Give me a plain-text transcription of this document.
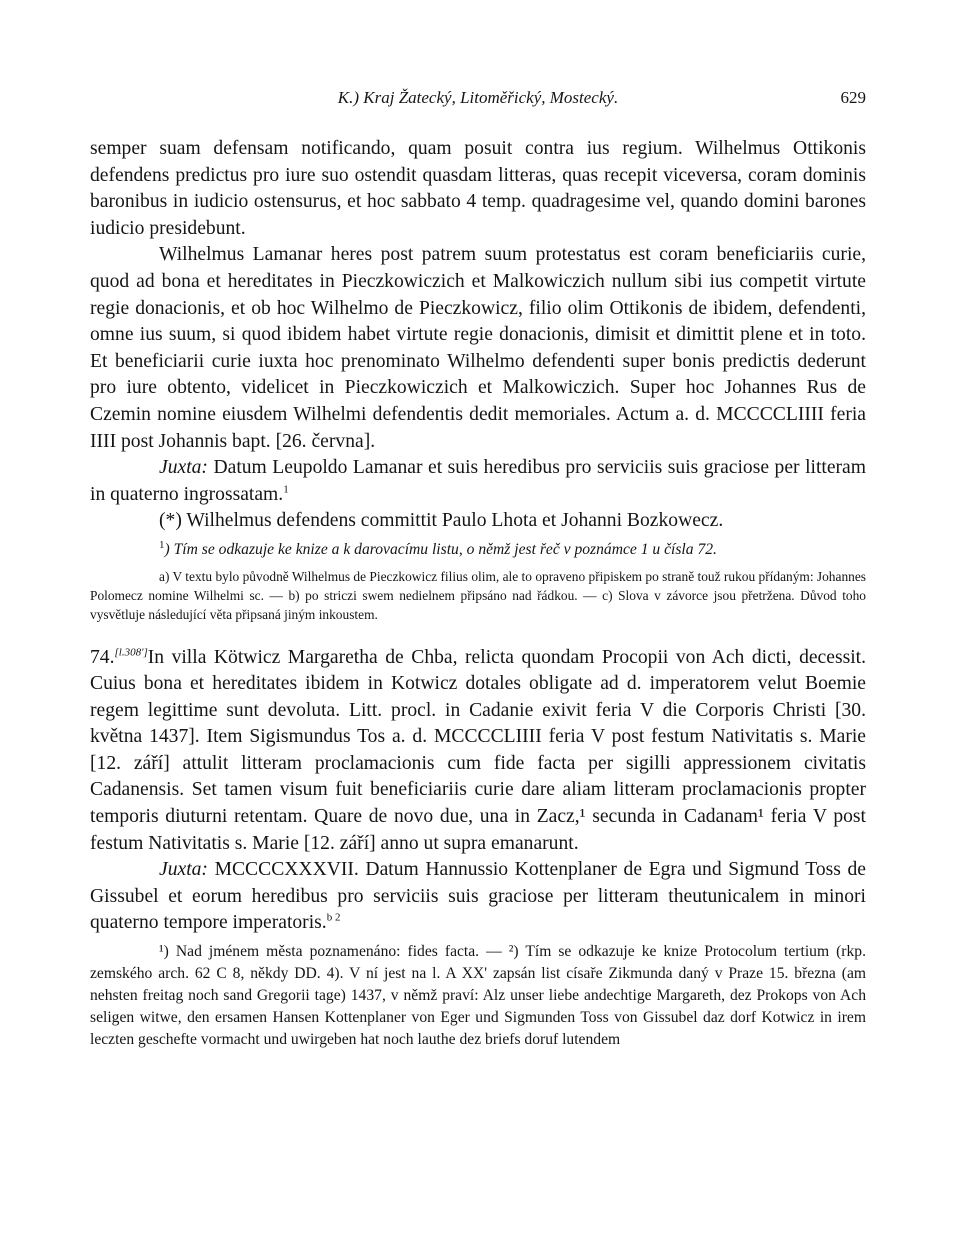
K.) Kraj Žatecký, Litoměřický, Mostecký.	629

semper suam defensam notificando, quam posuit contra ius regium. Wilhelmus Ottikonis defendens predictus pro iure suo ostendit quasdam litteras, quas recepit viceversa, coram dominis baronibus in iudicio ostensurus, et hoc sabbato 4 temp. quadragesime vel, quando domini barones iudicio presidebunt.

Wilhelmus Lamanar heres post patrem suum protestatus est coram beneficiariis curie, quod ad bona et hereditates in Pieczkowiczich et Malkowiczich nullum sibi ius competit virtute regie donacionis, et ob hoc Wilhelmo de Pieczkowicz, filio olim Ottikonis de ibidem, defendenti, omne ius suum, si quod ibidem habet virtute regie donacionis, dimisit et dimittit plene et in toto. Et beneficiarii curie iuxta hoc prenominato Wilhelmo defendenti super bonis predictis dederunt pro iure obtento, videlicet in Pieczkowiczich et Malkowiczich. Super hoc Johannes Rus de Czemin nomine eiusdem Wilhelmi defendentis dedit memoriales. Actum a. d. MCCCCLIIII feria IIII post Johannis bapt. [26. června].

Juxta: Datum Leupoldo Lamanar et suis heredibus pro serviciis suis graciose per litteram in quaterno ingrossatam.$^1$

(*) Wilhelmus defendens committit Paulo Lhota et Johanni Bozkowecz.

$^1$) Tím se odkazuje ke knize a k darovacímu listu, o němž jest řeč v poznámce 1 u čísla 72.

a) V textu bylo původně Wilhelmus de Pieczkowicz filius olim, ale to opraveno připiskem po straně touž rukou přídaným: Johannes Polomecz nomine Wilhelmi sc. — b) po striczi swem nedielnem připsáno nad řádkou. — c) Slova v závorce jsou přetržena. Důvod toho vysvětluje následující věta připsaná jiným inkoustem.

74.[l.308']In villa Kötwicz Margaretha de Chba, relicta quondam Procopii von Ach dicti, decessit. Cuius bona et hereditates ibidem in Kotwicz dotales obligate ad d. imperatorem velut Boemie regem legittime sunt devoluta. Litt. procl. in Cadanie exivit feria V die Corporis Christi [30. května 1437]. Item Sigismundus Tos a. d. MCCCCLIIII feria V post festum Nativitatis s. Marie [12. září] attulit litteram proclamacionis cum fide facta per sigilli appressionem civitatis Cadanensis. Set tamen visum fuit beneficiariis curie dare aliam litteram proclamacionis propter temporis diuturni retentam. Quare de novo due, una in Zacz,¹ secunda in Cadanam¹ feria V post festum Nativitatis s. Marie [12. září] anno ut supra emanarunt.

Juxta: MCCCCXXXVII. Datum Hannussio Kottenplaner de Egra und Sigmund Toss de Gissubel et eorum heredibus pro serviciis suis graciose per litteram theutunicalem in minori quaterno tempore imperatoris.$^{b 2}$

¹) Nad jménem města poznamenáno: fides facta. — ²) Tím se odkazuje ke knize Protocolum tertium (rkp. zemského arch. 62 C 8, někdy DD. 4). V ní jest na l. A XX' zapsán list císaře Zikmunda daný v Praze 15. března (am nehsten freitag noch sand Gregorii tage) 1437, v němž praví: Alz unser liebe andechtige Margareth, dez Prokops von Ach seligen witwe, den ersamen Hansen Kottenplaner von Eger und Sigmunden Toss von Gissubel daz dorf Kotwicz in irem leczten geschefte vormacht und uwirgeben hat noch lauthe dez briefs doruf lutendem
